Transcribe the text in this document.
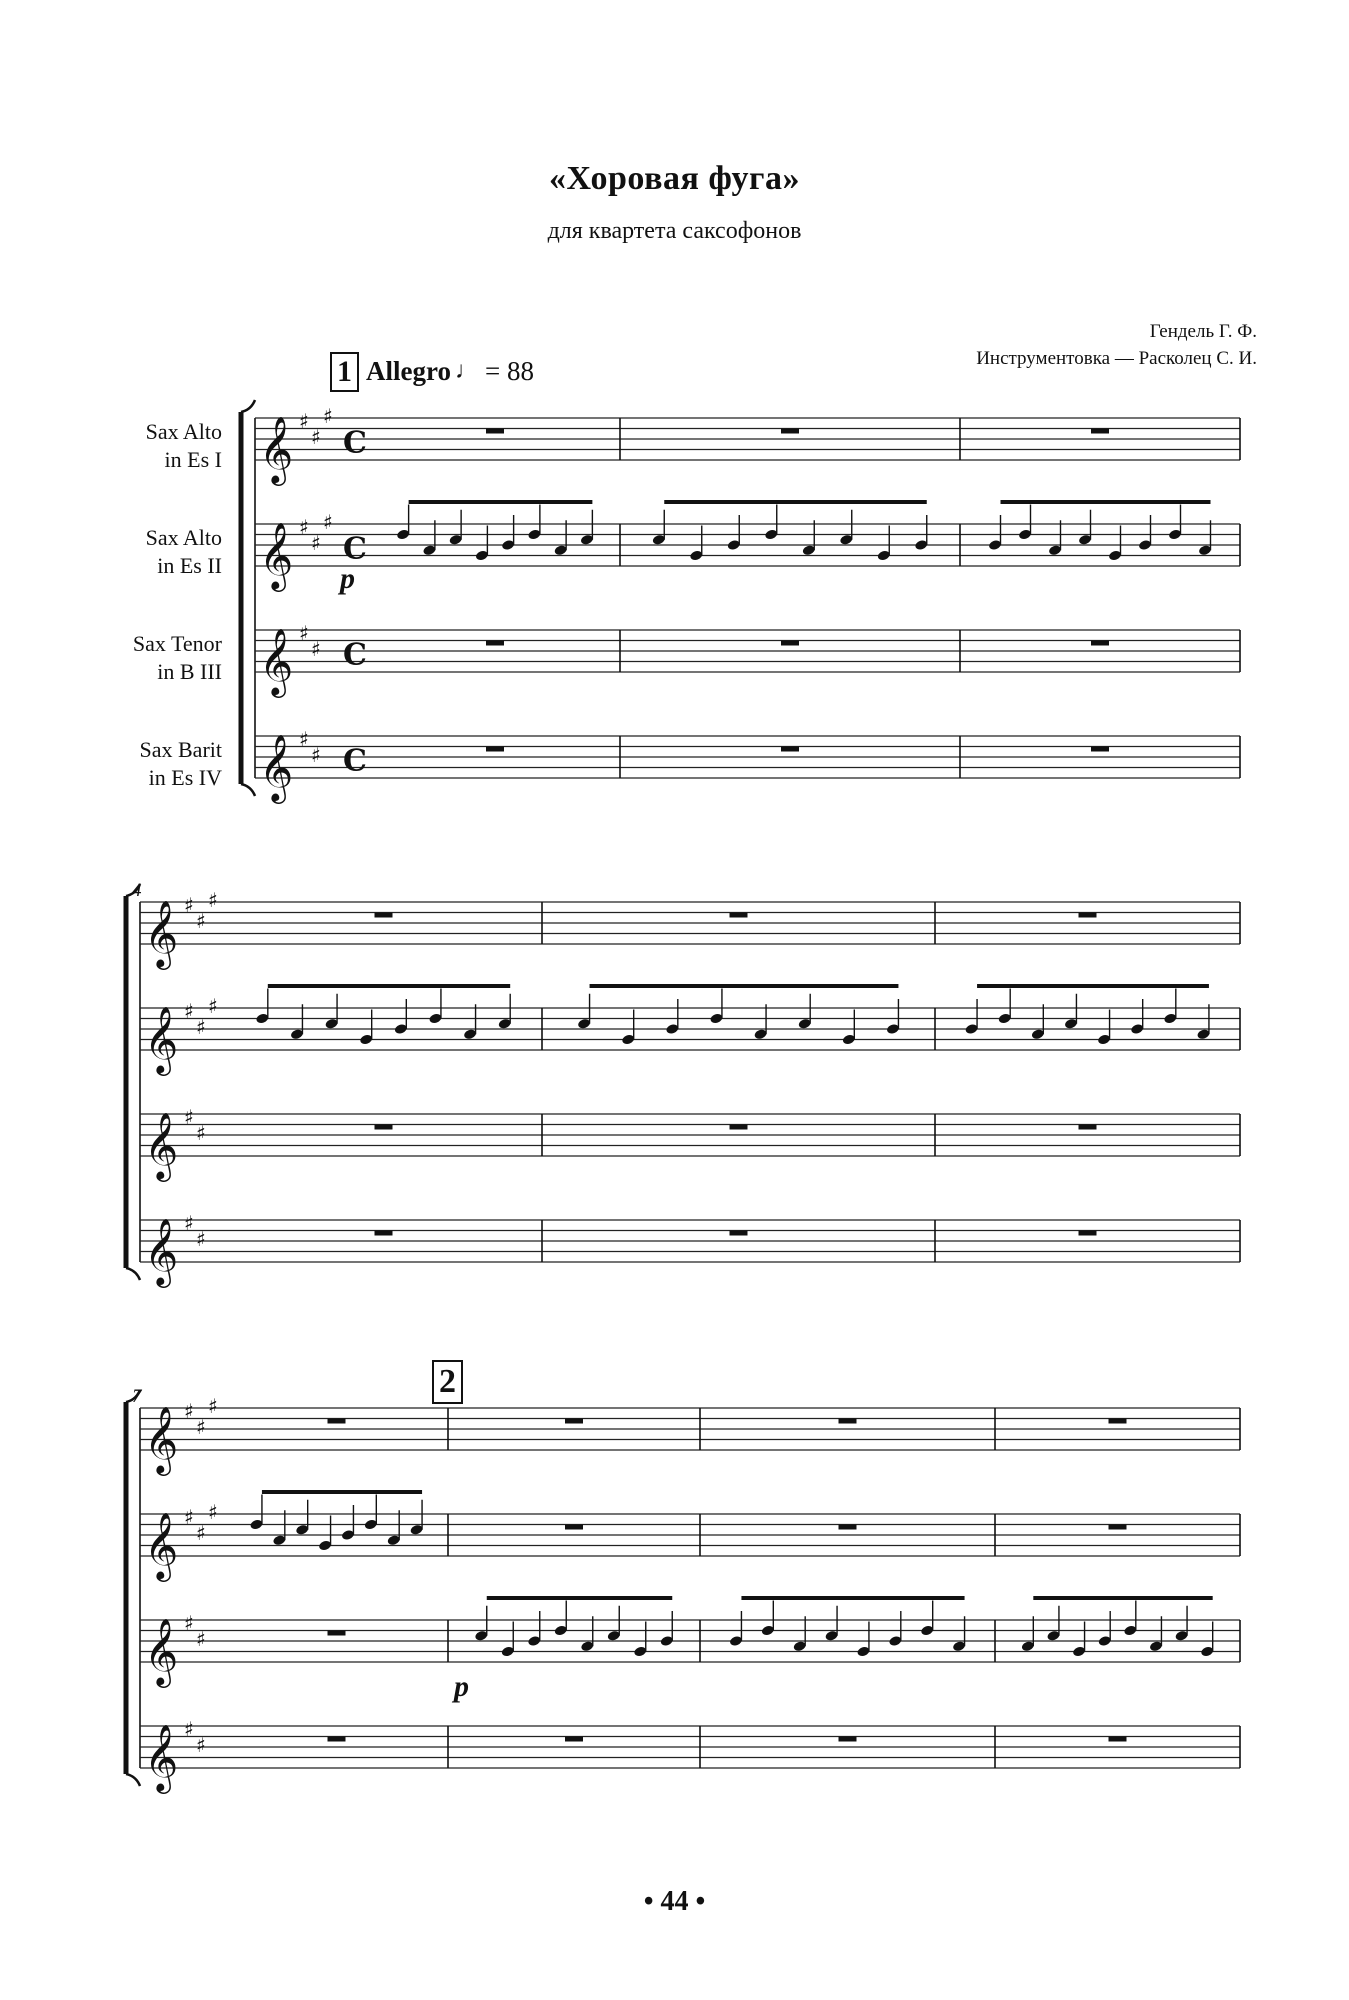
«Хоровая фуга»
для квартета саксофонов
Гендель Г. Ф.
Инструментовка — Расколец С. И.
1 Allegro ♩ = 88
Sax Alto
in Es I
Sax Alto
in Es II
Sax Tenor
in B III
Sax Barit
in Es IV
4
7	2
𝄞 ♯
♯
♯
C
𝄞 ♯
♯
♯
C
𝄞 ♯
♯ C
𝄞 ♯
♯ C
𝄞 ♯
♯
♯
𝄞 ♯
♯
♯
𝄞 ♯
♯
𝄞 ♯
♯
𝄞 ♯
♯
♯
𝄞 ♯
♯
♯
𝄞 ♯
♯
𝄞 ♯
♯
p
p
• 44 •
